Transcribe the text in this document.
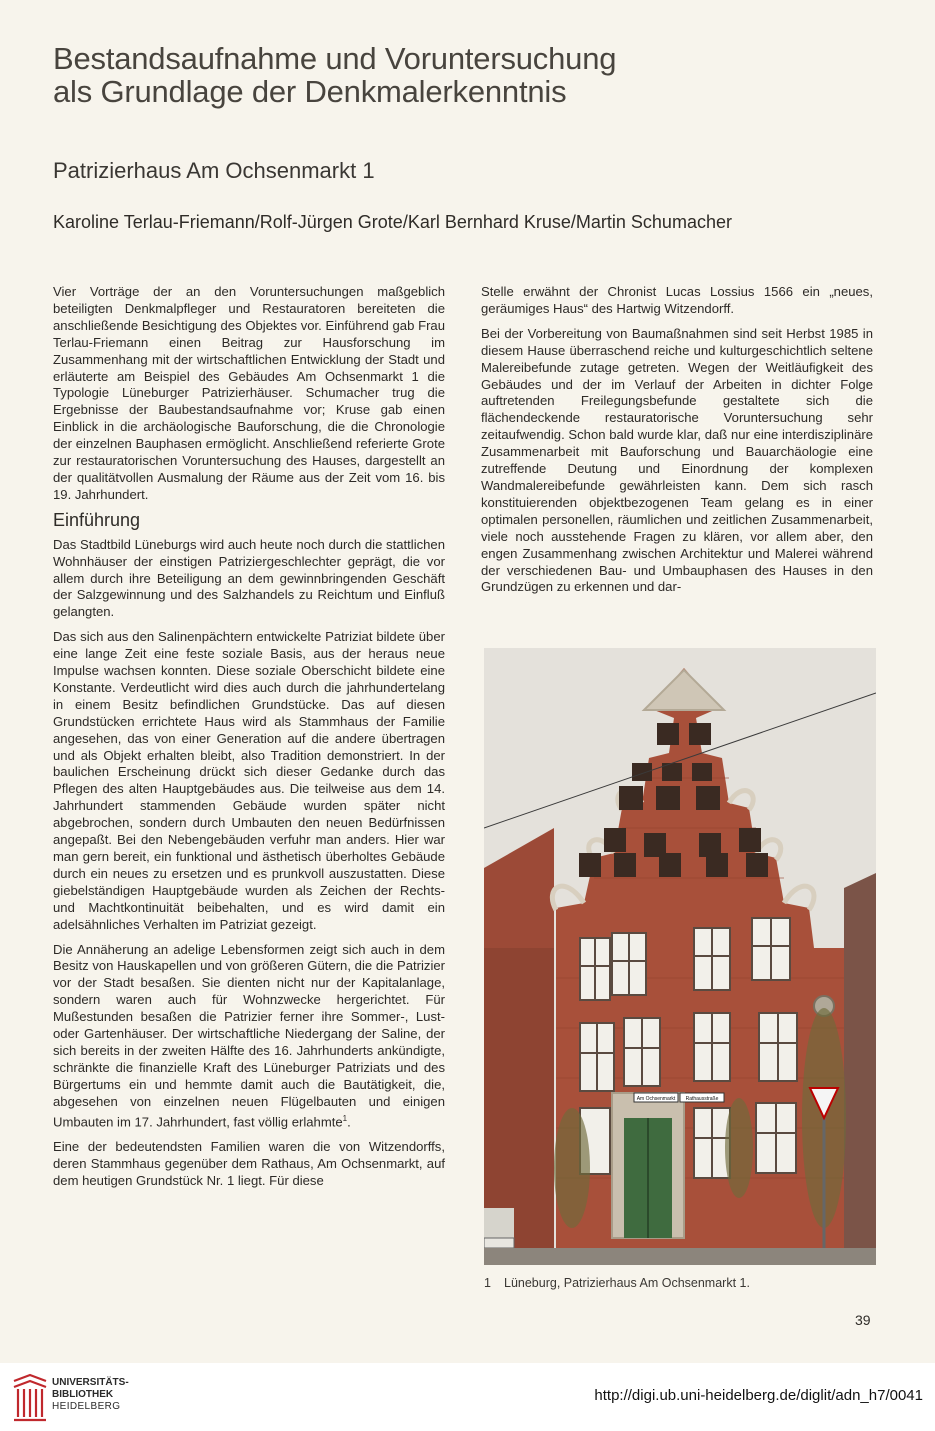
Bestandsaufnahme und Voruntersuchung
als Grundlage der Denkmalerkenntnis
Patrizierhaus Am Ochsenmarkt 1

Karoline Terlau-Friemann/Rolf-Jürgen Grote/Karl Bernhard Kruse/Martin Schumacher

Vier Vorträge der an den Voruntersuchungen maßgeblich beteiligten Denkmalpfleger und Restauratoren bereiteten die anschließende Besichtigung des Objektes vor. Einführend gab Frau Terlau-Friemann einen Beitrag zur Hausforschung im Zusammenhang mit der wirtschaftlichen Entwicklung der Stadt und erläuterte am Beispiel des Gebäudes Am Ochsenmarkt 1 die Typologie Lüneburger Patrizierhäuser. Schumacher trug die Ergebnisse der Baubestandsaufnahme vor; Kruse gab einen Einblick in die archäologische Bauforschung, die die Chronologie der einzelnen Bauphasen ermöglicht. Anschließend referierte Grote zur restauratorischen Voruntersuchung des Hauses, dargestellt an der qualitätvollen Ausmalung der Räume aus der Zeit vom 16. bis 19. Jahrhundert.

Einführung

Das Stadtbild Lüneburgs wird auch heute noch durch die stattlichen Wohnhäuser der einstigen Patriziergeschlechter geprägt, die vor allem durch ihre Beteiligung an dem gewinnbringenden Geschäft der Salzgewinnung und des Salzhandels zu Reichtum und Einfluß gelangten.

Das sich aus den Salinenpächtern entwickelte Patriziat bildete über eine lange Zeit eine feste soziale Basis, aus der heraus neue Impulse wachsen konnten. Diese soziale Oberschicht bildete eine Konstante. Verdeutlicht wird dies auch durch die jahrhundertelang in einem Besitz befindlichen Grundstücke. Das auf diesen Grundstücken errichtete Haus wird als Stammhaus der Familie angesehen, das von einer Generation auf die andere übertragen und als Objekt erhalten bleibt, also Tradition demonstriert. In der baulichen Erscheinung drückt sich dieser Gedanke durch das Pflegen des alten Hauptgebäudes aus. Die teilweise aus dem 14. Jahrhundert stammenden Gebäude wurden später nicht abgebrochen, sondern durch Umbauten den neuen Bedürfnissen angepaßt. Bei den Nebengebäuden verfuhr man anders. Hier war man gern bereit, ein funktional und ästhetisch überholtes Gebäude durch ein neues zu ersetzen und es prunkvoll auszustatten. Diese giebelständigen Hauptgebäude wurden als Zeichen der Rechts- und Machtkontinuität beibehalten, und es wird damit ein adelsähnliches Verhalten im Patriziat gezeigt.

Die Annäherung an adelige Lebensformen zeigt sich auch in dem Besitz von Hauskapellen und von größeren Gütern, die die Patrizier vor der Stadt besaßen. Sie dienten nicht nur der Kapitalanlage, sondern waren auch für Wohnzwecke hergerichtet. Für Mußestunden besaßen die Patrizier ferner ihre Sommer-, Lust- oder Gartenhäuser. Der wirtschaftliche Niedergang der Saline, der sich bereits in der zweiten Hälfte des 16. Jahrhunderts ankündigte, schränkte die finanzielle Kraft des Lüneburger Patriziats und des Bürgertums ein und hemmte damit auch die Bautätigkeit, die, abgesehen von einzelnen neuen Flügelbauten und einigen Umbauten im 17. Jahrhundert, fast völlig erlahmte$^1$.

Eine der bedeutendsten Familien waren die von Witzendorffs, deren Stammhaus gegenüber dem Rathaus, Am Ochsenmarkt, auf dem heutigen Grundstück Nr. 1 liegt. Für diese

Stelle erwähnt der Chronist Lucas Lossius 1566 ein „neues, geräumiges Haus“ des Hartwig Witzendorff.

Bei der Vorbereitung von Baumaßnahmen sind seit Herbst 1985 in diesem Hause überraschend reiche und kulturgeschichtlich seltene Malereibefunde zutage getreten. Wegen der Weitläufigkeit des Gebäudes und der im Verlauf der Arbeiten in dichter Folge auftretenden Freilegungsbefunde gestaltete sich die flächendeckende restauratorische Voruntersuchung sehr zeitaufwendig. Schon bald wurde klar, daß nur eine interdisziplinäre Zusammenarbeit mit Bauforschung und Bauarchäologie eine zutreffende Deutung und Einordnung der komplexen Wandmalereibefunde gewährleisten kann. Dem sich rasch konstituierenden objektbezogenen Team gelang es in einer optimalen personellen, räumlichen und zeitlichen Zusammenarbeit, viele noch ausstehende Fragen zu klären, vor allem aber, den engen Zusammenhang zwischen Architektur und Malerei während der verschiedenen Bau- und Umbauphasen des Hauses in den Grundzügen zu erkennen und dar-

Am Ochsenmarkt Rathausstraße
1 Lüneburg, Patrizierhaus Am Ochsenmarkt 1.
39
UNIVERSITÄTS-
BIBLIOTHEK
HEIDELBERG
http://digi.ub.uni-heidelberg.de/diglit/adn_h7/0041
